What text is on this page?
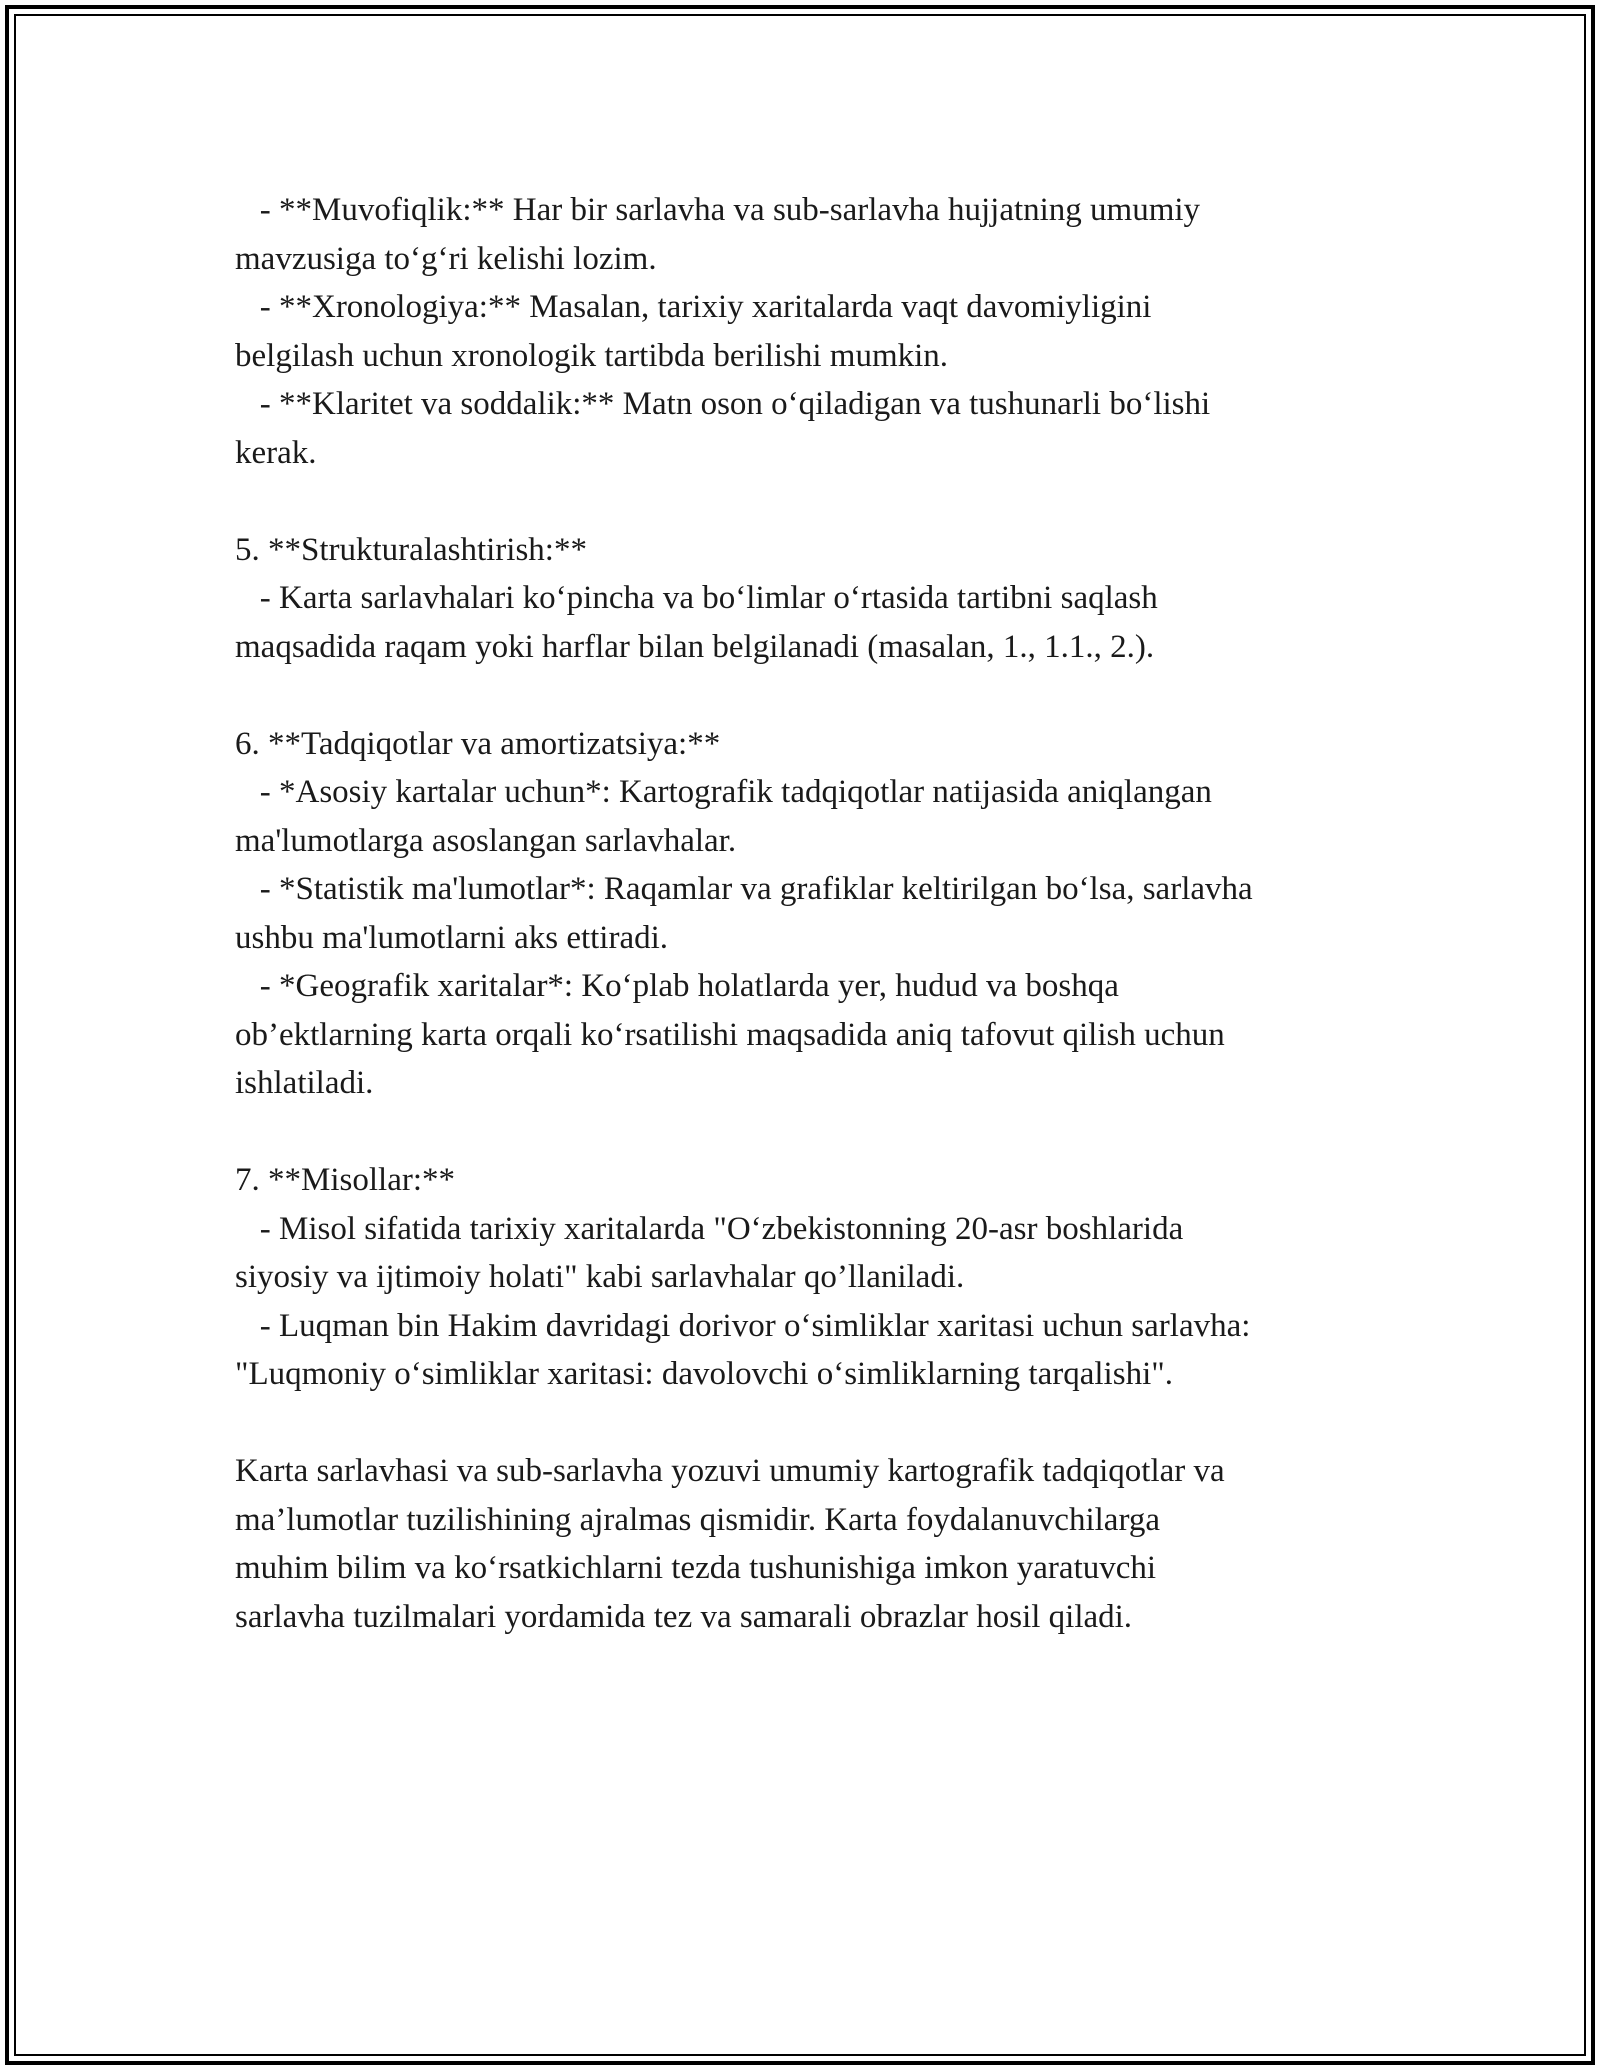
- **Muvofiqlik:** Har bir sarlavha va sub-sarlavha hujjatning umumiy
mavzusiga to‘g‘ri kelishi lozim.
- **Xronologiya:** Masalan, tarixiy xaritalarda vaqt davomiyligini
belgilash uchun xronologik tartibda berilishi mumkin.
- **Klaritet va soddalik:** Matn oson o‘qiladigan va tushunarli bo‘lishi
kerak.
5. **Strukturalashtirish:**
- Karta sarlavhalari ko‘pincha va bo‘limlar o‘rtasida tartibni saqlash
maqsadida raqam yoki harflar bilan belgilanadi (masalan, 1., 1.1., 2.).
6. **Tadqiqotlar va amortizatsiya:**
- *Asosiy kartalar uchun*: Kartografik tadqiqotlar natijasida aniqlangan
ma'lumotlarga asoslangan sarlavhalar.
- *Statistik ma'lumotlar*: Raqamlar va grafiklar keltirilgan bo‘lsa, sarlavha
ushbu ma'lumotlarni aks ettiradi.
- *Geografik xaritalar*: Ko‘plab holatlarda yer, hudud va boshqa
ob’ektlarning karta orqali ko‘rsatilishi maqsadida aniq tafovut qilish uchun
ishlatiladi.
7. **Misollar:**
- Misol sifatida tarixiy xaritalarda "O‘zbekistonning 20-asr boshlarida
siyosiy va ijtimoiy holati" kabi sarlavhalar qo’llaniladi.
- Luqman bin Hakim davridagi dorivor o‘simliklar xaritasi uchun sarlavha:
"Luqmoniy o‘simliklar xaritasi: davolovchi o‘simliklarning tarqalishi".
Karta sarlavhasi va sub-sarlavha yozuvi umumiy kartografik tadqiqotlar va
ma’lumotlar tuzilishining ajralmas qismidir. Karta foydalanuvchilarga
muhim bilim va ko‘rsatkichlarni tezda tushunishiga imkon yaratuvchi
sarlavha tuzilmalari yordamida tez va samarali obrazlar hosil qiladi.
